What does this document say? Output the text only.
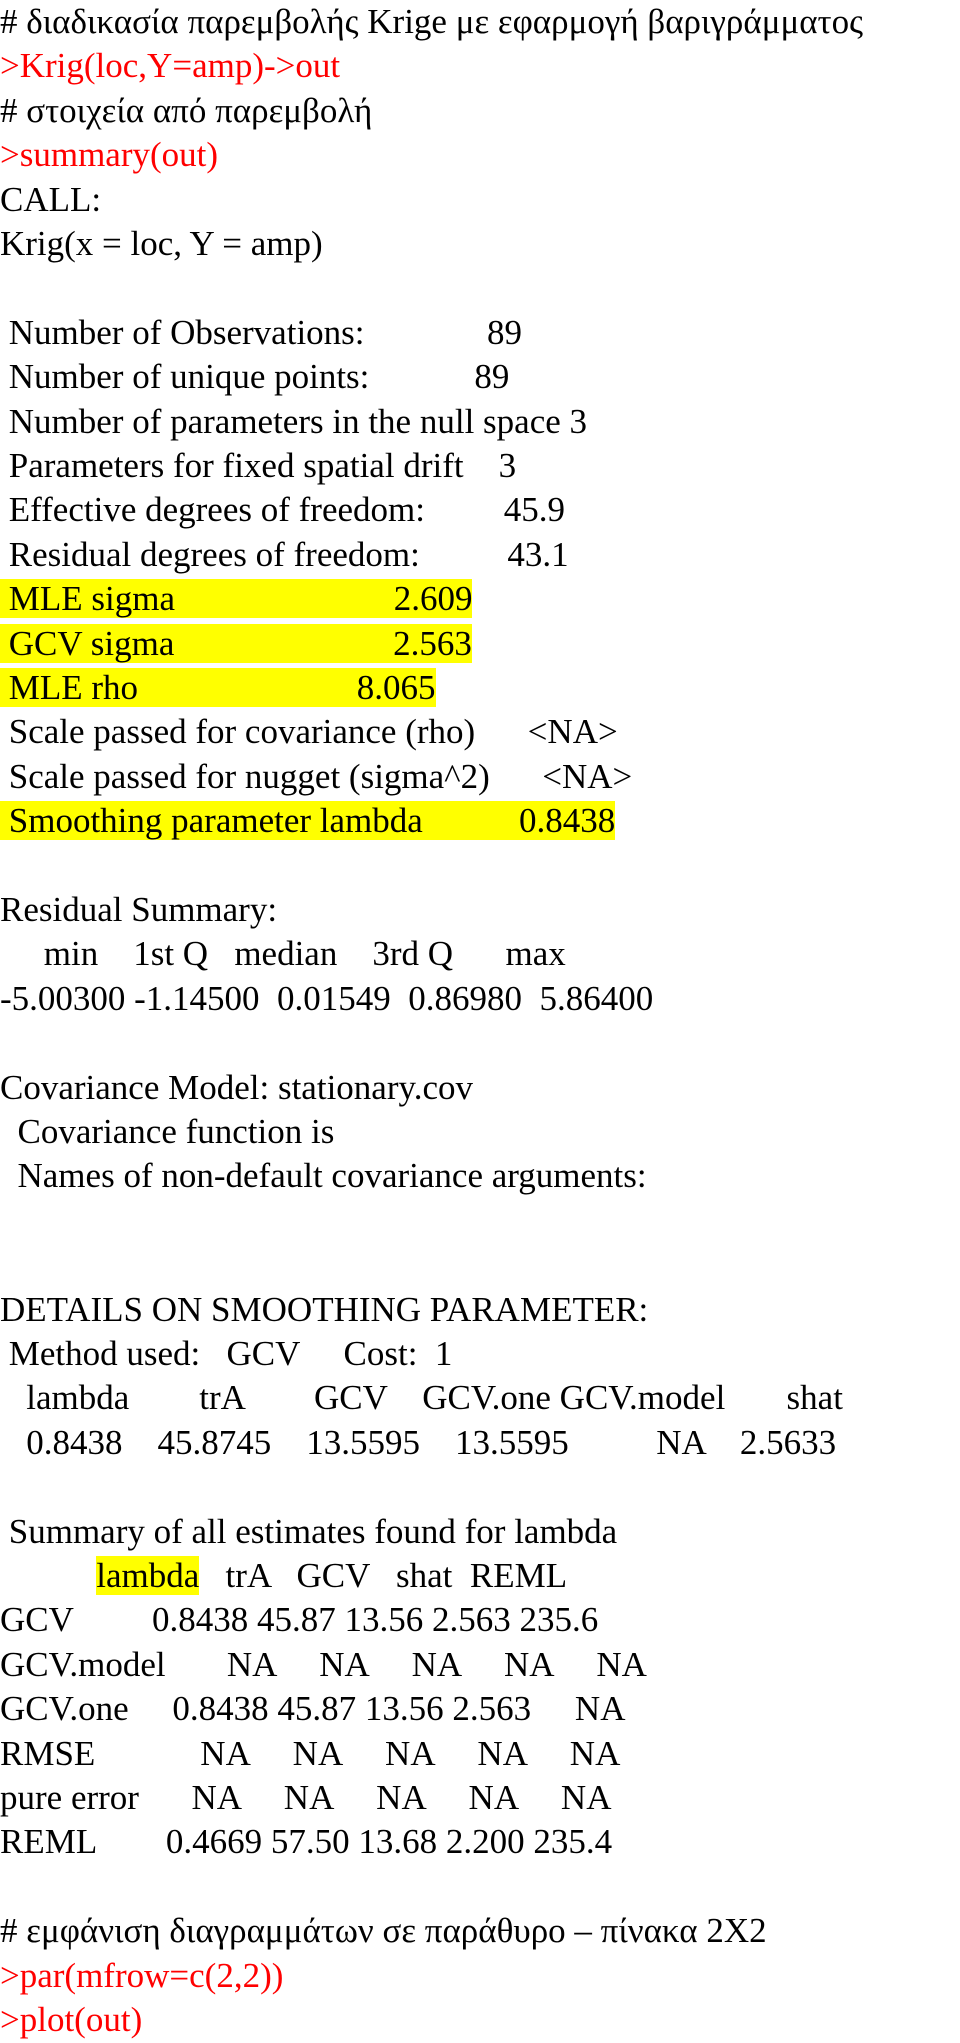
# διαδικασία παρεμβολής Krige με εφαρμογή βαριγράμματος
>Krig(loc,Y=amp)->out
# στοιχεία από παρεμβολή
>summary(out)
CALL:
Krig(x = loc, Y = amp)
Number of Observations:              89
Number of unique points:            89
Number of parameters in the null space 3
Parameters for fixed spatial drift    3
Effective degrees of freedom:         45.9
Residual degrees of freedom:          43.1
MLE sigma                         2.609
GCV sigma                         2.563
MLE rho                         8.065
Scale passed for covariance (rho)      <NA>
Scale passed for nugget (sigma^2)      <NA>
Smoothing parameter lambda           0.8438
Residual Summary:
min    1st Q   median    3rd Q      max
-5.00300 -1.14500  0.01549  0.86980  5.86400
Covariance Model: stationary.cov
Covariance function is
Names of non-default covariance arguments:
DETAILS ON SMOOTHING PARAMETER:
Method used:   GCV     Cost:  1
lambda        trA        GCV    GCV.one GCV.model       shat
0.8438    45.8745    13.5595    13.5595          NA    2.5633
Summary of all estimates found for lambda
lambda   trA   GCV   shat  REML
GCV         0.8438 45.87 13.56 2.563 235.6
GCV.model       NA     NA     NA     NA     NA
GCV.one     0.8438 45.87 13.56 2.563     NA
RMSE            NA     NA     NA     NA     NA
pure error      NA     NA     NA     NA     NA
REML        0.4669 57.50 13.68 2.200 235.4
# εμφάνιση διαγραμμάτων σε παράθυρο – πίνακα 2Χ2
>par(mfrow=c(2,2))
>plot(out)
